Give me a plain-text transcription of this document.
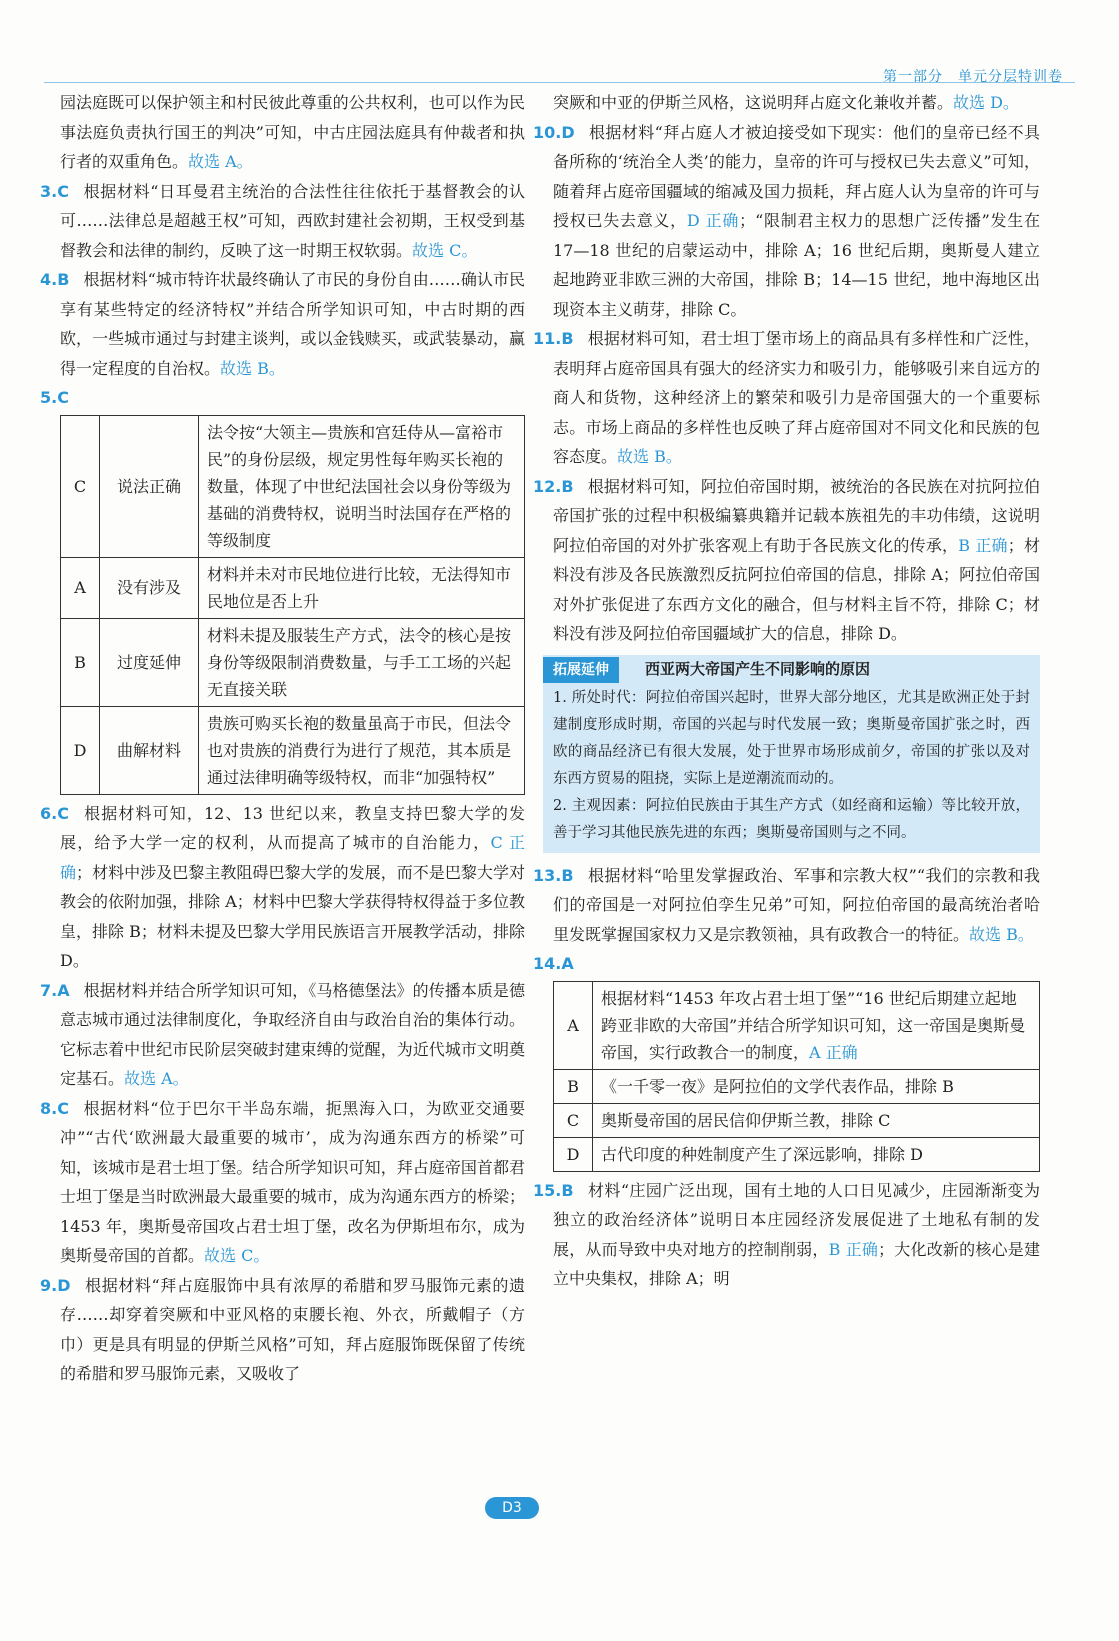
第一部分　单元分层特训卷

园法庭既可以保护领主和村民彼此尊重的公共权利，也可以作为民事法庭负责执行国王的判决”可知，中古庄园法庭具有仲裁者和执行者的双重角色。故选 A。

3.C 根据材料“日耳曼君主统治的合法性往往依托于基督教会的认可……法律总是超越王权”可知，西欧封建社会初期，王权受到基督教会和法律的制约，反映了这一时期王权软弱。故选 C。

4.B 根据材料“城市特许状最终确认了市民的身份自由……确认市民享有某些特定的经济特权”并结合所学知识可知，中古时期的西欧，一些城市通过与封建主谈判，或以金钱赎买，或武装暴动，赢得一定程度的自治权。故选 B。

5.C

C	说法正确	法令按“大领主—贵族和宫廷侍从—富裕市民”的身份层级，规定男性每年购买长袍的数量，体现了中世纪法国社会以身份等级为基础的消费特权，说明当时法国存在严格的等级制度
A	没有涉及	材料并未对市民地位进行比较，无法得知市民地位是否上升
B	过度延伸	材料未提及服装生产方式，法令的核心是按身份等级限制消费数量，与手工工场的兴起无直接关联
D	曲解材料	贵族可购买长袍的数量虽高于市民，但法令也对贵族的消费行为进行了规范，其本质是通过法律明确等级特权，而非“加强特权”

6.C 根据材料可知，12、13 世纪以来，教皇支持巴黎大学的发展，给予大学一定的权利，从而提高了城市的自治能力，C 正确；材料中涉及巴黎主教阻碍巴黎大学的发展，而不是巴黎大学对教会的依附加强，排除 A；材料中巴黎大学获得特权得益于多位教皇，排除 B；材料未提及巴黎大学用民族语言开展教学活动，排除 D。

7.A 根据材料并结合所学知识可知，《马格德堡法》的传播本质是德意志城市通过法律制度化，争取经济自由与政治自治的集体行动。它标志着中世纪市民阶层突破封建束缚的觉醒，为近代城市文明奠定基石。故选 A。

8.C 根据材料“位于巴尔干半岛东端，扼黑海入口，为欧亚交通要冲”“古代‘欧洲最大最重要的城市’，成为沟通东西方的桥梁”可知，该城市是君士坦丁堡。结合所学知识可知，拜占庭帝国首都君士坦丁堡是当时欧洲最大最重要的城市，成为沟通东西方的桥梁；1453 年，奥斯曼帝国攻占君士坦丁堡，改名为伊斯坦布尔，成为奥斯曼帝国的首都。故选 C。

9.D 根据材料“拜占庭服饰中具有浓厚的希腊和罗马服饰元素的遗存……却穿着突厥和中亚风格的束腰长袍、外衣，所戴帽子（方巾）更是具有明显的伊斯兰风格”可知，拜占庭服饰既保留了传统的希腊和罗马服饰元素，又吸收了

突厥和中亚的伊斯兰风格，这说明拜占庭文化兼收并蓄。故选 D。

10.D 根据材料“拜占庭人才被迫接受如下现实：他们的皇帝已经不具备所称的‘统治全人类’的能力，皇帝的许可与授权已失去意义”可知，随着拜占庭帝国疆域的缩减及国力损耗，拜占庭人认为皇帝的许可与授权已失去意义，D 正确；“限制君主权力的思想广泛传播”发生在 17—18 世纪的启蒙运动中，排除 A；16 世纪后期，奥斯曼人建立起地跨亚非欧三洲的大帝国，排除 B；14—15 世纪，地中海地区出现资本主义萌芽，排除 C。

11.B 根据材料可知，君士坦丁堡市场上的商品具有多样性和广泛性，表明拜占庭帝国具有强大的经济实力和吸引力，能够吸引来自远方的商人和货物，这种经济上的繁荣和吸引力是帝国强大的一个重要标志。市场上商品的多样性也反映了拜占庭帝国对不同文化和民族的包容态度。故选 B。

12.B 根据材料可知，阿拉伯帝国时期，被统治的各民族在对抗阿拉伯帝国扩张的过程中积极编纂典籍并记载本族祖先的丰功伟绩，这说明阿拉伯帝国的对外扩张客观上有助于各民族文化的传承，B 正确；材料没有涉及各民族激烈反抗阿拉伯帝国的信息，排除 A；阿拉伯帝国对外扩张促进了东西方文化的融合，但与材料主旨不符，排除 C；材料没有涉及阿拉伯帝国疆域扩大的信息，排除 D。

拓展延伸	西亚两大帝国产生不同影响的原因

1. 所处时代：阿拉伯帝国兴起时，世界大部分地区，尤其是欧洲正处于封建制度形成时期，帝国的兴起与时代发展一致；奥斯曼帝国扩张之时，西欧的商品经济已有很大发展，处于世界市场形成前夕，帝国的扩张以及对东西方贸易的阻挠，实际上是逆潮流而动的。

2. 主观因素：阿拉伯民族由于其生产方式（如经商和运输）等比较开放，善于学习其他民族先进的东西；奥斯曼帝国则与之不同。

13.B 根据材料“哈里发掌握政治、军事和宗教大权”“我们的宗教和我们的帝国是一对阿拉伯孪生兄弟”可知，阿拉伯帝国的最高统治者哈里发既掌握国家权力又是宗教领袖，具有政教合一的特征。故选 B。

14.A

A	根据材料“1453 年攻占君士坦丁堡”“16 世纪后期建立起地跨亚非欧的大帝国”并结合所学知识可知，这一帝国是奥斯曼帝国，实行政教合一的制度，A 正确
B	《一千零一夜》是阿拉伯的文学代表作品，排除 B
C	奥斯曼帝国的居民信仰伊斯兰教，排除 C
D	古代印度的种姓制度产生了深远影响，排除 D

15.B 材料“庄园广泛出现，国有土地的人口日见减少，庄园渐渐变为独立的政治经济体”说明日本庄园经济发展促进了土地私有制的发展，从而导致中央对地方的控制削弱，B 正确；大化改新的核心是建立中央集权，排除 A；明

D3
